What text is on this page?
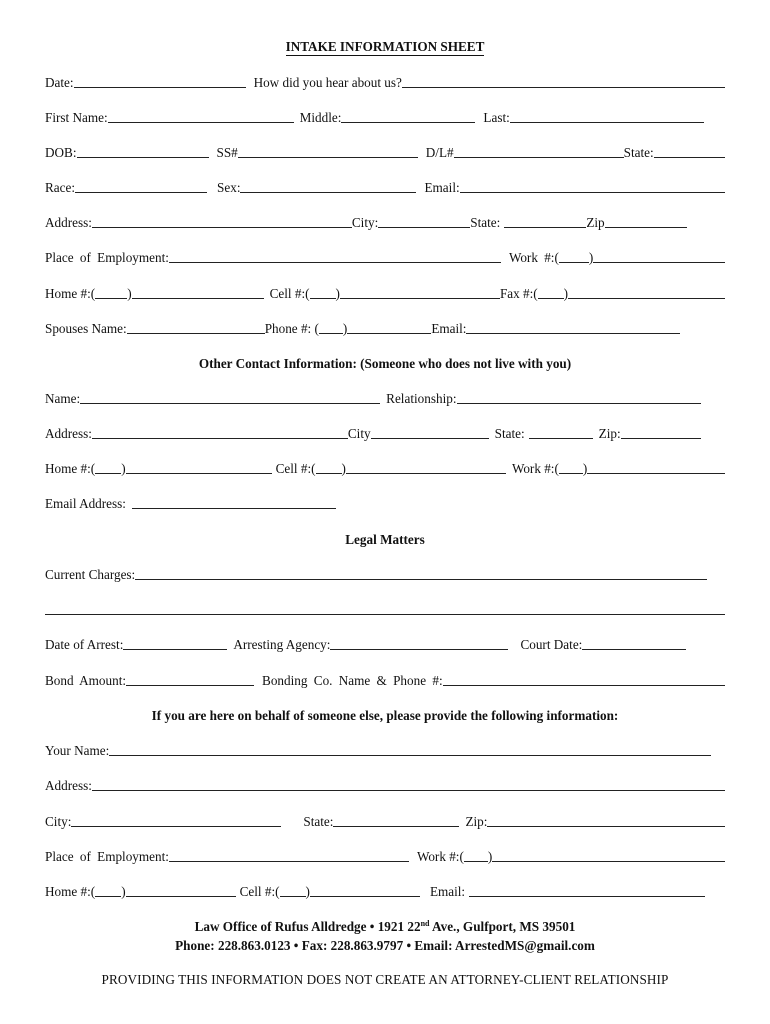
INTAKE INFORMATION SHEET
Date:	How did you hear about us?
First Name:	Middle:	Last:
DOB:	SS#	D/L#	State:
Race:	Sex:	Email:
Address:	City:	State:	Zip
Place of Employment:	Work #:( )
Home #:( )	Cell #:( )	Fax #:( )
Spouses Name:	Phone #: ( )	Email:
Other Contact Information: (Someone who does not live with you)
Name:	Relationship:
Address:	City	State:	Zip:
Home #:( )	Cell #:( )	Work #:( )
Email Address:
Legal Matters
Current Charges:
Date of Arrest:	Arresting Agency:	Court Date:
Bond Amount:	Bonding Co. Name & Phone #:
If you are here on behalf of someone else, please provide the following information:
Your Name:
Address:
City:	State:	Zip:
Place of Employment:	Work #:( )
Home #:( )	Cell #:( )	Email:
Law Office of Rufus Alldredge • 1921 22nd Ave., Gulfport, MS 39501
Phone: 228.863.0123 • Fax: 228.863.9797 • Email: ArrestedMS@gmail.com
PROVIDING THIS INFORMATION DOES NOT CREATE AN ATTORNEY-CLIENT RELATIONSHIP
